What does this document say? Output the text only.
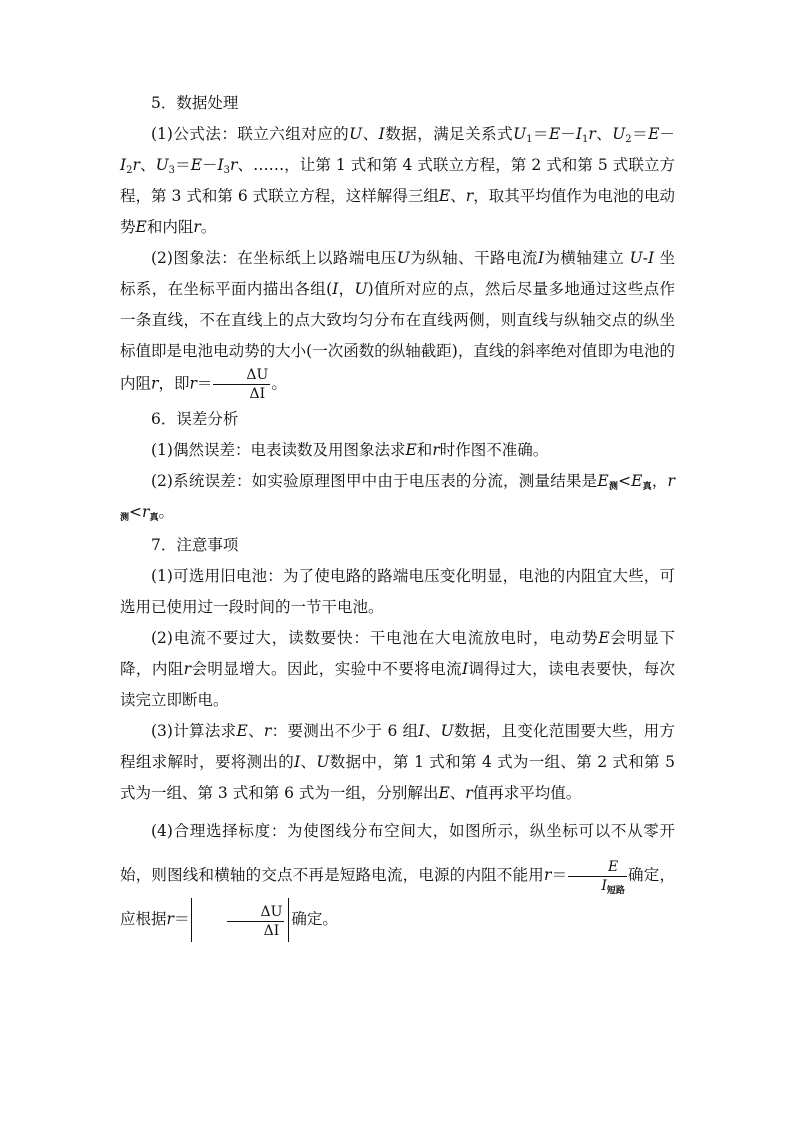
5．数据处理

(1)公式法：联立六组对应的U、I数据，满足关系式$U_1=E-I_1r$、$U_2=E-I_2r$、$U_3=E-I_3r$、……，让第 1 式和第 4 式联立方程，第 2 式和第 5 式联立方程，第 3 式和第 6 式联立方程，这样解得三组E、r，取其平均值作为电池的电动势E和内阻r。

(2)图象法：在坐标纸上以路端电压U为纵轴、干路电流I为横轴建立 U-I 坐标系，在坐标平面内描出各组(I，U)值所对应的点，然后尽量多地通过这些点作一条直线，不在直线上的点大致均匀分布在直线两侧，则直线与纵轴交点的纵坐标值即是电池电动势的大小(一次函数的纵轴截距)，直线的斜率绝对值即为电池的内阻r，即$r= \frac{\Delta U}{\Delta I}$ 。

6．误差分析

(1)偶然误差：电表读数及用图象法求E和r时作图不准确。

(2)系统误差：如实验原理图甲中由于电压表的分流，测量结果是E测<E真，r测<r真。

7．注意事项

(1)可选用旧电池：为了使电路的路端电压变化明显，电池的内阻宜大些，可选用已使用过一段时间的一节干电池。

(2)电流不要过大，读数要快：干电池在大电流放电时，电动势E会明显下降，内阻r会明显增大。因此，实验中不要将电流I调得过大，读电表要快，每次读完立即断电。

(3)计算法求E、r：要测出不少于 6 组I、U数据，且变化范围要大些，用方程组求解时，要将测出的I、U数据中，第 1 式和第 4 式为一组、第 2 式和第 5 式为一组、第 3 式和第 6 式为一组，分别解出E、r值再求平均值。

(4)合理选择标度：为使图线分布空间大，如图所示，纵坐标可以不从零开始，则图线和横轴的交点不再是短路电流，电源的内阻不能用$r= \frac{E}{I_{短路}}$ 确定，应根据r＝	$\frac{\Delta U}{\Delta I}$ 确定。
